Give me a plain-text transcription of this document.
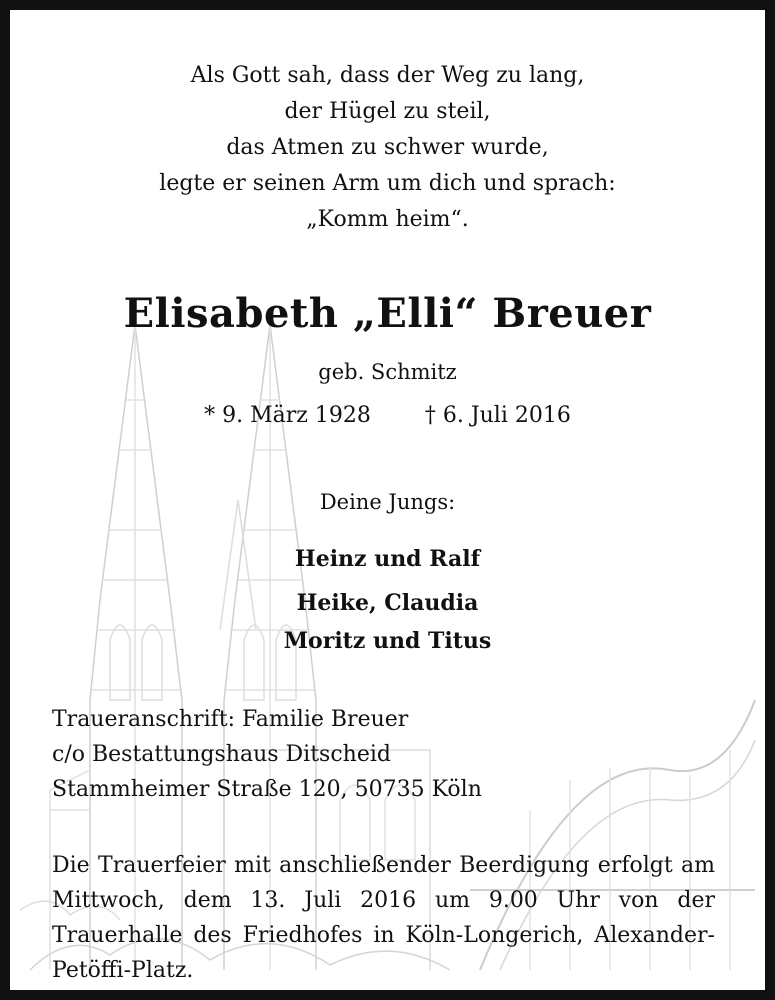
Als Gott sah, dass der Weg zu lang,
der Hügel zu steil,
das Atmen zu schwer wurde,
legte er seinen Arm um dich und sprach:
„Komm heim“.
Elisabeth „Elli“ Breuer
geb. Schmitz
* 9. März 1928 † 6. Juli 2016
Deine Jungs:
Heinz und Ralf
Heike, Claudia
Moritz und Titus
Traueranschrift: Familie Breuer
c/o Bestattungshaus Ditscheid
Stammheimer Straße 120, 50735 Köln

Die Trauerfeier mit anschließender Beerdigung erfolgt am Mittwoch, dem 13. Juli 2016 um 9.00 Uhr von der Trauerhalle des Friedhofes in Köln-Longerich, Alexander-Petöffi-Platz.
